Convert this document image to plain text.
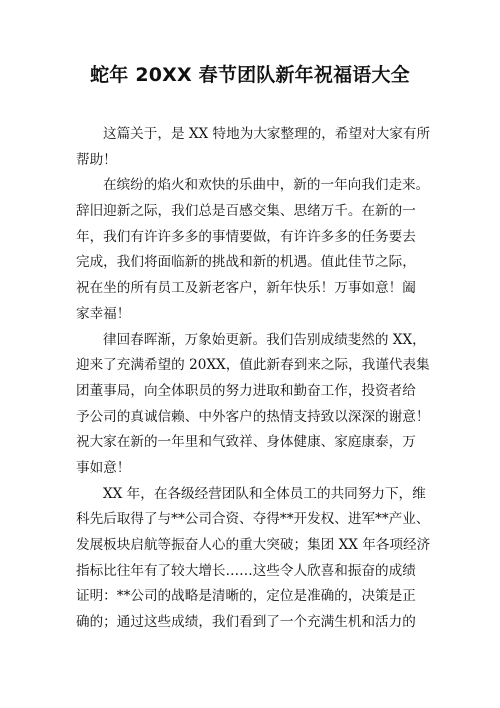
蛇年 20XX 春节团队新年祝福语大全

这篇关于，是 XX 特地为大家整理的，希望对大家有所
帮助！

在缤纷的焰火和欢快的乐曲中，新的一年向我们走来。
辞旧迎新之际，我们总是百感交集、思绪万千。在新的一
年，我们有许许多多的事情要做，有许许多多的任务要去
完成，我们将面临新的挑战和新的机遇。值此佳节之际，
祝在坐的所有员工及新老客户，新年快乐！万事如意！阖
家幸福！

律回春晖渐，万象始更新。我们告别成绩斐然的 XX，
迎来了充满希望的 20XX，值此新春到来之际，我谨代表集
团董事局，向全体职员的努力进取和勤奋工作，投资者给
予公司的真诚信赖、中外客户的热情支持致以深深的谢意！
祝大家在新的一年里和气致祥、身体健康、家庭康泰，万
事如意！

XX 年，在各级经营团队和全体员工的共同努力下，维
科先后取得了与**公司合资、夺得**开发权、进军**产业、
发展板块启航等振奋人心的重大突破；集团 XX 年各项经济
指标比往年有了较大增长……这些令人欣喜和振奋的成绩
证明：**公司的战略是清晰的，定位是准确的，决策是正
确的；通过这些成绩，我们看到了一个充满生机和活力的
